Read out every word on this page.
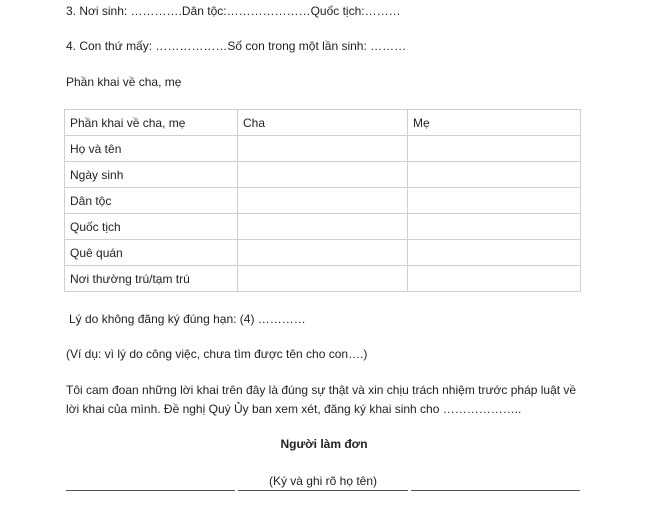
3. Nơi sinh: ………….Dân tộc:…………………Quốc tịch:………
4. Con thứ mấy: ………………Số con trong một lần sinh: ………
Phần khai về cha, mẹ
Phần khai về cha, mẹ	Cha	Mẹ
Họ và tên		
Ngày sinh		
Dân tộc		
Quốc tịch		
Quê quán		
Nơi thường trú/tạm trú		
Lý do không đăng ký đúng hạn: (4) …………
(Ví dụ: vì lý do công việc, chưa tìm được tên cho con….)
Tôi cam đoan những lời khai trên đây là đúng sự thật và xin chịu trách nhiệm trước pháp luật về lời khai của mình. Đề nghị Quý Ủy ban xem xét, đăng ký khai sinh cho ………………..
Người làm đơn
(Ký và ghi rõ họ tên)
